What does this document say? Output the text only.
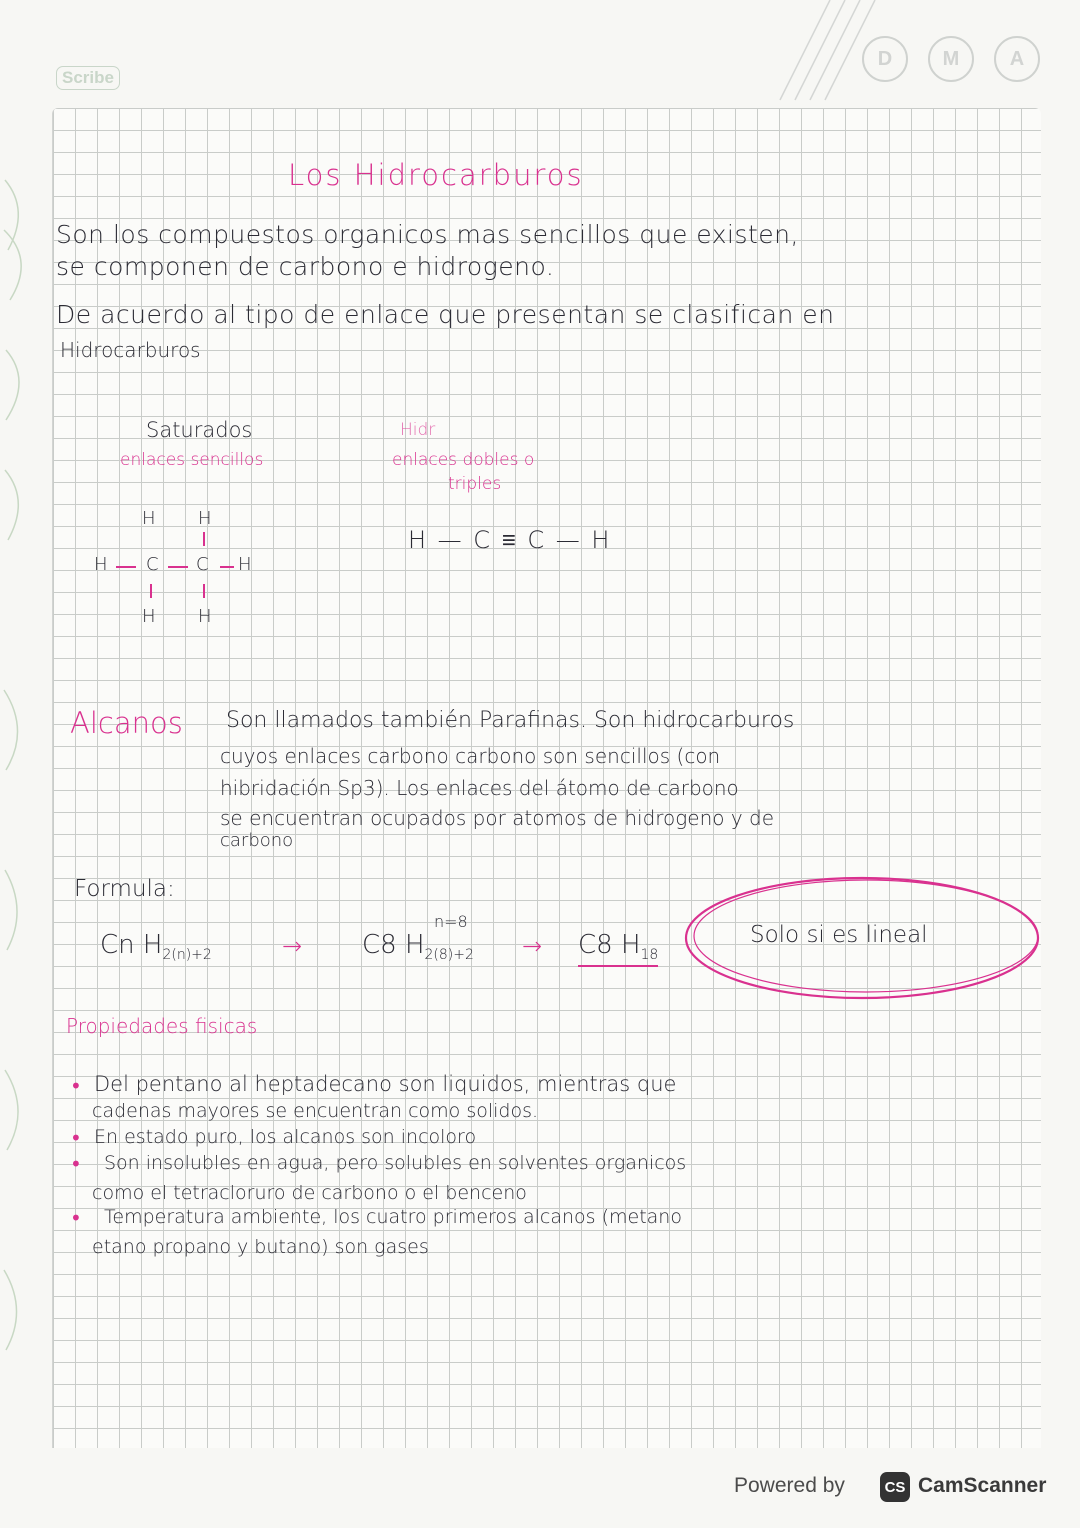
D	M	A
Scribe
Los Hidrocarburos
Son los compuestos organicos mas sencillos que existen,
se componen de carbono e hidrogeno.
De acuerdo al tipo de enlace que presentan se clasifican en
Hidrocarburos
Saturados
enlaces sencillos
Hidr
enlaces dobles o
triples
H H
H C C H
H H
H — C ≡ C — H
Alcanos Son llamados también Parafinas. Son hidrocarburos
cuyos enlaces carbono carbono son sencillos (con
hibridación Sp3). Los enlaces del átomo de carbono
se encuentran ocupados por atomos de hidrogeno y de
carbono
Formula:
n=8
Cn $H_{2(n)+2}$	→ C8 $H_{2(8)+2} \to C8$ $H_{18}$
Solo si es lineal
Propiedades fisicas
• Del pentano al heptadecano son liquidos, mientras que
cadenas mayores se encuentran como solidos.
• En estado puro, los alcanos son incoloro
• Son insolubles en agua, pero solubles en solventes organicos
como el tetracloruro de carbono o el benceno
• Temperatura ambiente, los cuatro primeros alcanos (metano
etano propano y butano) son gases
Powered by	CS CamScanner
